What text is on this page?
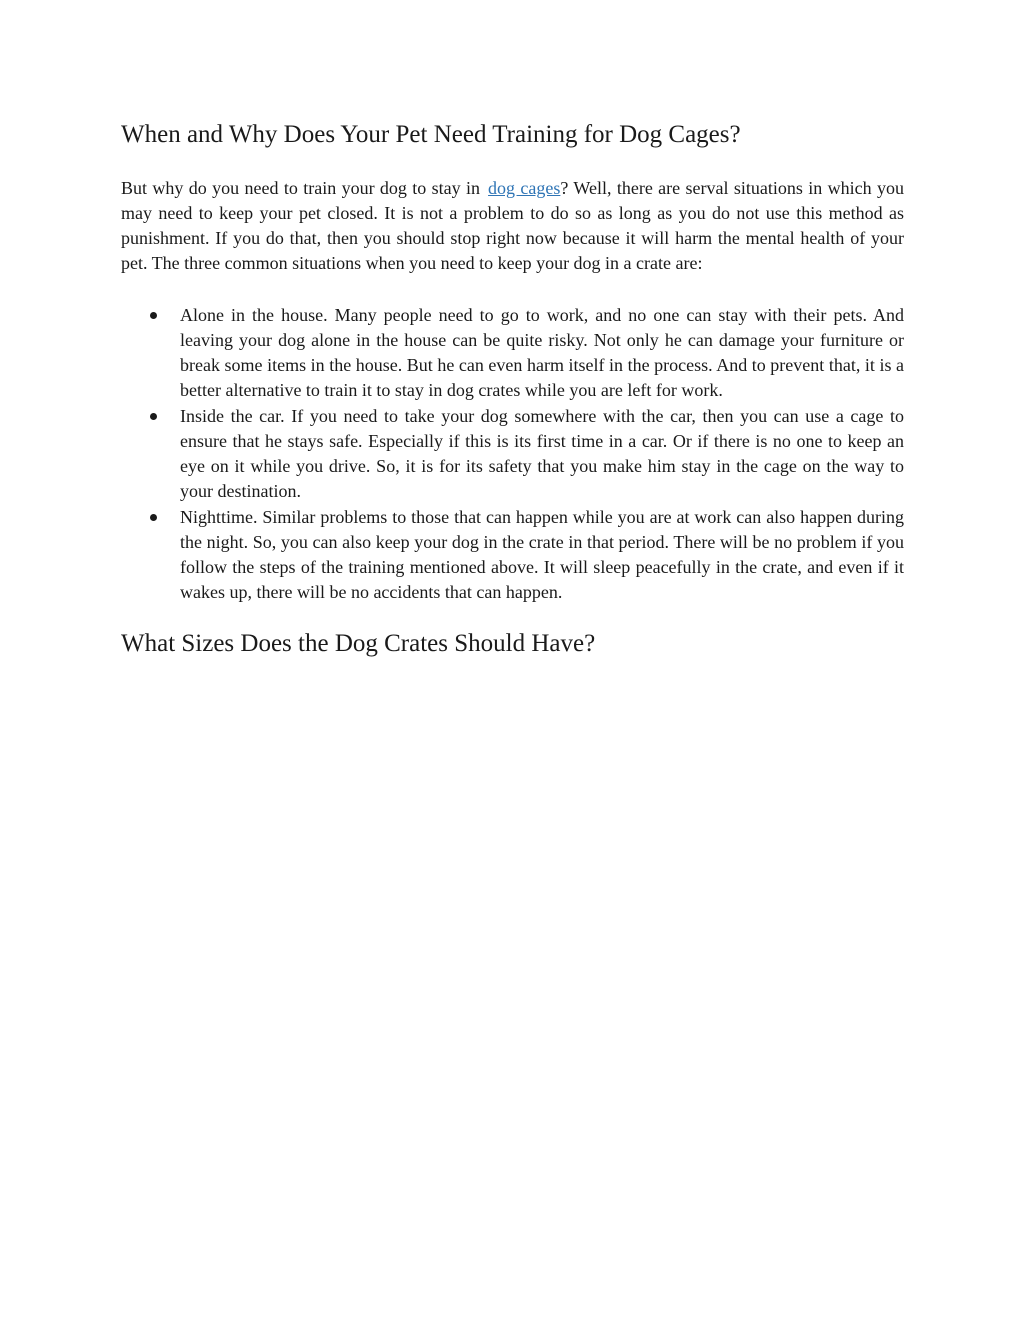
When and Why Does Your Pet Need Training for Dog Cages?

But why do you need to train your dog to stay in dog cages? Well, there are serval situations in which you may need to keep your pet closed. It is not a problem to do so as long as you do not use this method as punishment. If you do that, then you should stop right now because it will harm the mental health of your pet. The three common situations when you need to keep your dog in a crate are:

Alone in the house. Many people need to go to work, and no one can stay with their pets. And leaving your dog alone in the house can be quite risky. Not only he can damage your furniture or break some items in the house. But he can even harm itself in the process. And to prevent that, it is a better alternative to train it to stay in dog crates while you are left for work.
Inside the car. If you need to take your dog somewhere with the car, then you can use a cage to ensure that he stays safe. Especially if this is its first time in a car. Or if there is no one to keep an eye on it while you drive. So, it is for its safety that you make him stay in the cage on the way to your destination.
Nighttime. Similar problems to those that can happen while you are at work can also happen during the night. So, you can also keep your dog in the crate in that period. There will be no problem if you follow the steps of the training mentioned above. It will sleep peacefully in the crate, and even if it wakes up, there will be no accidents that can happen.
What Sizes Does the Dog Crates Should Have?
